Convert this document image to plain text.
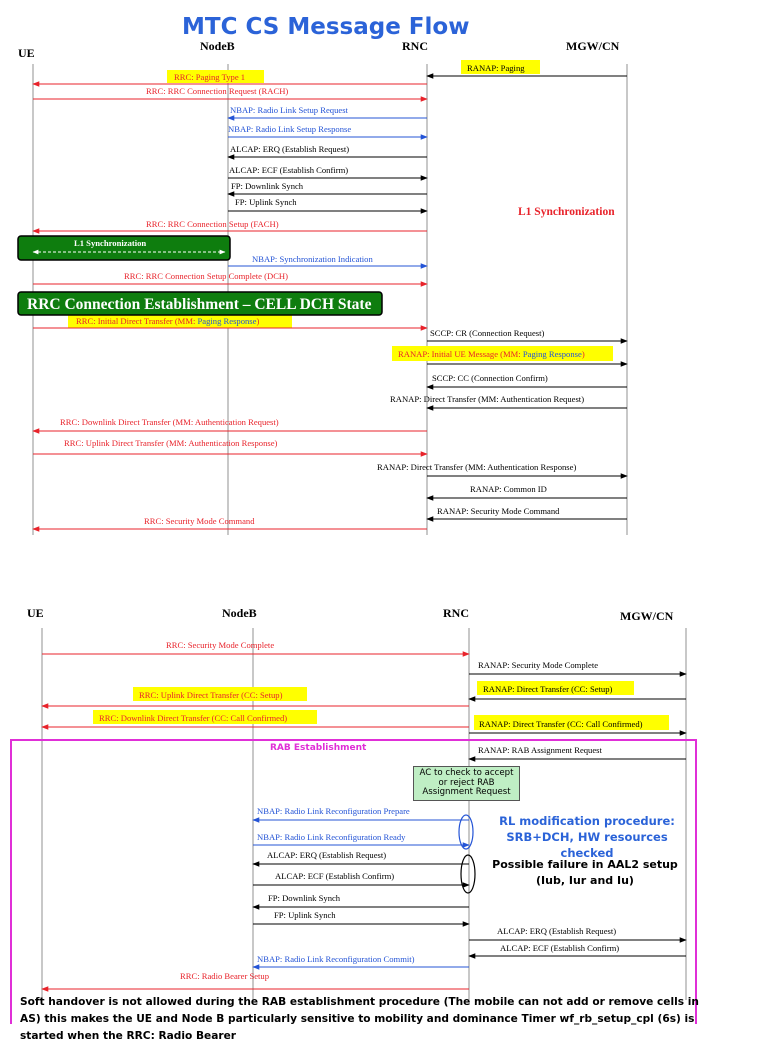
UE	NodeB	RNC	MGW/CN
RRC: Paging Type 1
RANAP: Paging
RRC: RRC Connection Request (RACH)
NBAP: Radio Link Setup Request
NBAP: Radio Link Setup Response
ALCAP: ERQ (Establish Request)
ALCAP: ECF (Establish Confirm)
FP: Downlink Synch
FP: Uplink Synch
RRC: RRC Connection Setup (FACH)
NBAP: Synchronization Indication
RRC: RRC Connection Setup Complete (DCH)
RRC: Initial Direct Transfer (MM: Paging Response)
SCCP: CR (Connection Request)
RANAP: Initial UE Message (MM: Paging Response)
SCCP: CC (Connection Confirm)
RANAP: Direct Transfer (MM: Authentication Request)
RRC: Downlink Direct Transfer (MM: Authentication Request)
RRC: Uplink Direct Transfer (MM: Authentication Response)
RANAP: Direct Transfer (MM: Authentication Response)
RANAP: Common ID
RANAP: Security Mode Command
RRC: Security Mode Command
L1 Synchronization
L1 Synchronization
RRC Connection Establishment – CELL DCH State
UE	NodeB	RNC	MGW/CN
RAB Establishment
RRC: Security Mode Complete
RANAP: Security Mode Complete
RRC: Uplink Direct Transfer (CC: Setup)
RANAP: Direct Transfer (CC: Setup)
RRC: Downlink Direct Transfer (CC: Call Confirmed)
RANAP: Direct Transfer (CC: Call Confirmed)
RANAP: RAB Assignment Request
NBAP: Radio Link Reconfiguration Prepare
NBAP: Radio Link Reconfiguration Ready
ALCAP: ERQ (Establish Request)
ALCAP: ECF (Establish Confirm)
FP: Downlink Synch
FP: Uplink Synch
ALCAP: ERQ (Establish Request)
ALCAP: ECF (Establish Confirm)
NBAP: Radio Link Reconfiguration Commit)
RRC: Radio Bearer Setup
MTC CS Message Flow
AC to check to accept or reject RAB Assignment Request
RL modification procedure:
SRB+DCH, HW resources checked
Possible failure in AAL2 setup
(Iub, Iur and Iu)
Soft handover is not allowed during the RAB establishment procedure (The mobile can not add or remove cells in AS) this makes the UE and Node B particularly sensitive to mobility and dominance Timer wf_rb_setup_cpl (6s) is started when the RRC: Radio Bearer
